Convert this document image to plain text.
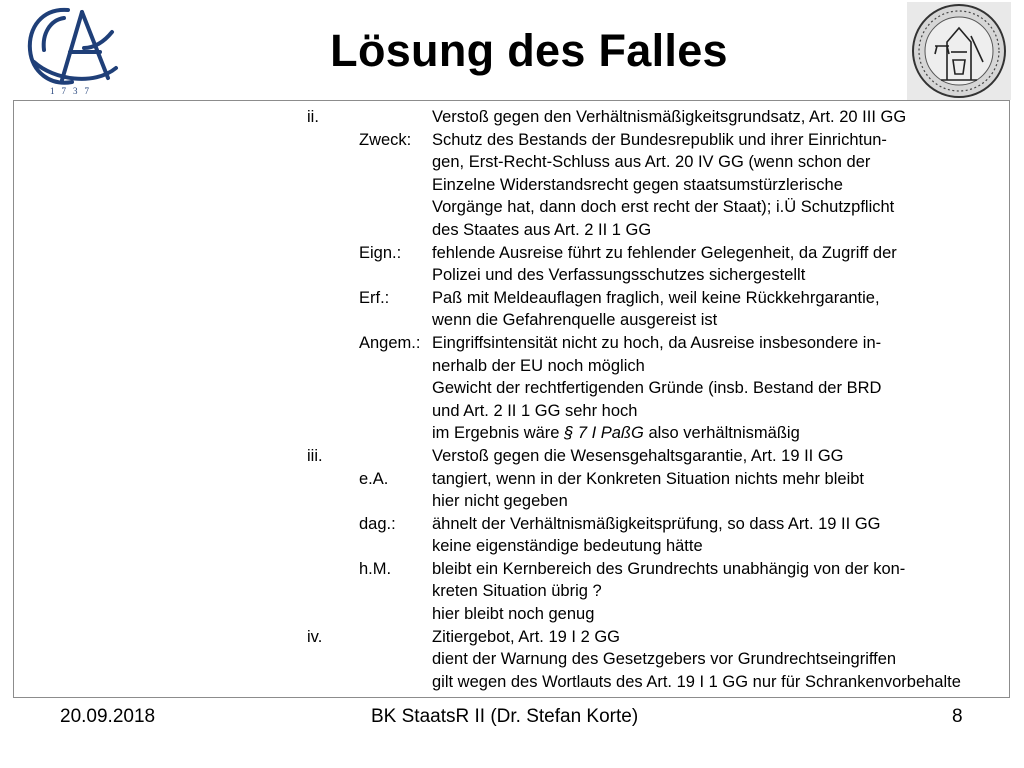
1737
Lösung des Falles
ii.	Verstoß gegen den Verhältnismäßigkeitsgrundsatz, Art. 20 III GG
Zweck:	Schutz des Bestands der Bundesrepublik und ihrer Einrichtun-
gen, Erst-Recht-Schluss aus Art. 20 IV GG (wenn schon der
Einzelne Widerstandsrecht gegen staatsumstürzlerische
Vorgänge hat, dann doch erst recht der Staat); i.Ü Schutzpflicht
des Staates aus Art. 2 II 1 GG
Eign.:	fehlende Ausreise führt zu fehlender Gelegenheit, da Zugriff der
Polizei und des Verfassungsschutzes sichergestellt
Erf.:	Paß mit Meldeauflagen fraglich, weil keine Rückkehrgarantie,
wenn die Gefahrenquelle ausgereist ist
Angem.: Eingriffsintensität nicht zu hoch, da Ausreise insbesondere in-
nerhalb der EU noch möglich
Gewicht der rechtfertigenden Gründe (insb. Bestand der BRD
und Art. 2 II 1 GG sehr hoch
im Ergebnis wäre
§ 7 I PaßG
also verhältnismäßig
iii.	Verstoß gegen die Wesensgehaltsgarantie, Art. 19 II GG
e.A.	tangiert, wenn in der Konkreten Situation nichts mehr bleibt
hier nicht gegeben
dag.:	ähnelt der Verhältnismäßigkeitsprüfung, so dass Art. 19 II GG
keine eigenständige bedeutung hätte
h.M.	bleibt ein Kernbereich des Grundrechts unabhängig von der kon-
kreten Situation übrig ?
hier bleibt noch genug
iv.	Zitiergebot, Art. 19 I 2 GG
dient der Warnung des Gesetzgebers vor Grundrechtseingriffen
gilt wegen des Wortlauts des Art. 19 I 1 GG nur für Schrankenvorbehalte
20.09.2018	BK StaatsR II (Dr. Stefan Korte)	8
